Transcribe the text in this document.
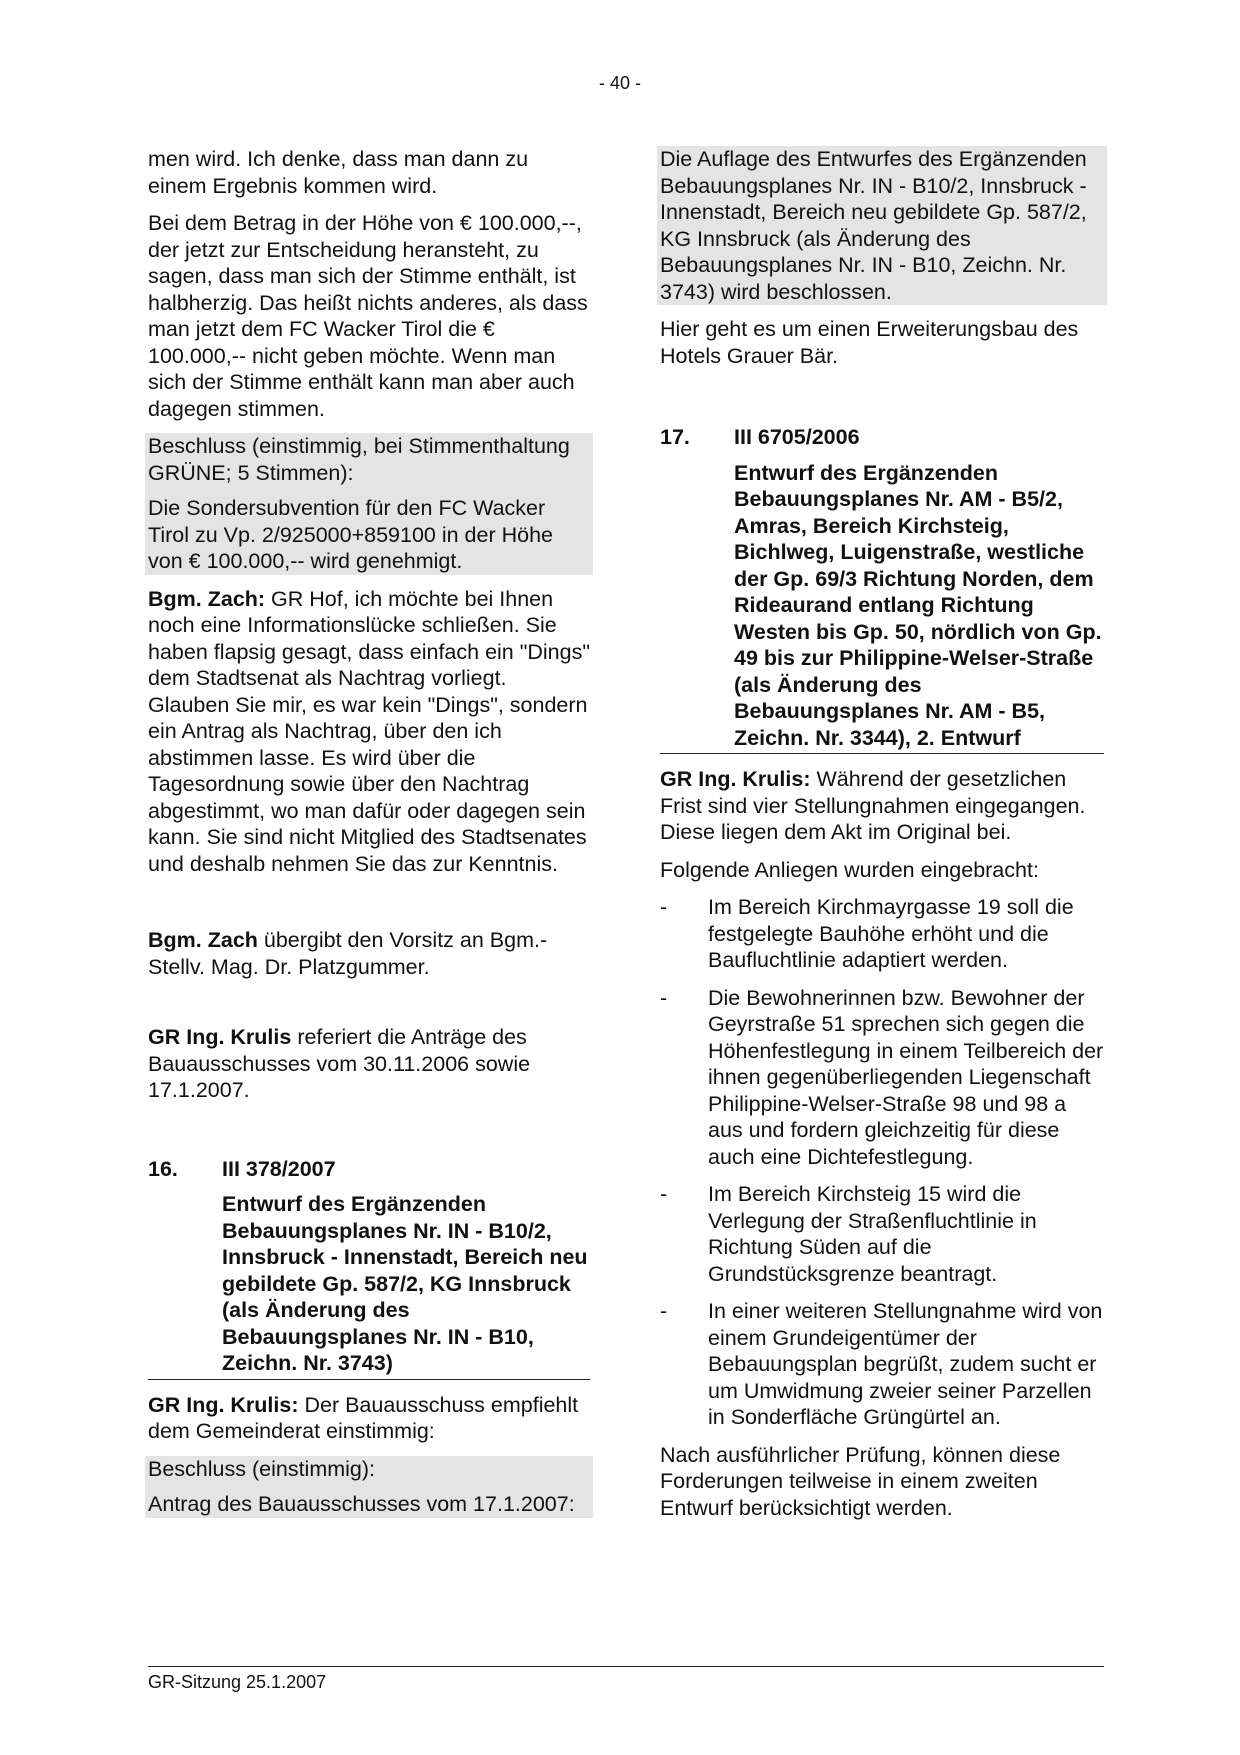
- 40 -

men wird. Ich denke, dass man dann zu einem Ergebnis kommen wird.

Bei dem Betrag in der Höhe von € 100.000,--, der jetzt zur Entscheidung heransteht, zu sagen, dass man sich der Stimme enthält, ist halbherzig. Das heißt nichts anderes, als dass man jetzt dem FC Wacker Tirol die € 100.000,-- nicht geben möchte. Wenn man sich der Stimme enthält kann man aber auch dagegen stimmen.

Beschluss (einstimmig, bei Stimmenthaltung GRÜNE; 5 Stimmen):

Die Sondersubvention für den FC Wacker Tirol zu Vp. 2/925000+859100 in der Höhe von € 100.000,-- wird genehmigt.

Bgm. Zach: GR Hof, ich möchte bei Ihnen noch eine Informationslücke schließen. Sie haben flapsig gesagt, dass einfach ein "Dings" dem Stadtsenat als Nachtrag vorliegt. Glauben Sie mir, es war kein "Dings", sondern ein Antrag als Nachtrag, über den ich abstimmen lasse. Es wird über die Tagesordnung sowie über den Nachtrag abgestimmt, wo man dafür oder dagegen sein kann. Sie sind nicht Mitglied des Stadtsenates und deshalb nehmen Sie das zur Kenntnis.

Bgm. Zach übergibt den Vorsitz an Bgm.-Stellv. Mag. Dr. Platzgummer.

GR Ing. Krulis referiert die Anträge des Bauausschusses vom 30.11.2006 sowie 17.1.2007.

16.	III 378/2007
Entwurf des Ergänzenden Bebauungsplanes Nr. IN - B10/2, Innsbruck - Innenstadt, Bereich neu gebildete Gp. 587/2, KG Innsbruck (als Änderung des Bebauungsplanes Nr. IN - B10, Zeichn. Nr. 3743)

GR Ing. Krulis: Der Bauausschuss empfiehlt dem Gemeinderat einstimmig:

Beschluss (einstimmig):

Antrag des Bauausschusses vom 17.1.2007:

Die Auflage des Entwurfes des Ergänzenden Bebauungsplanes Nr. IN - B10/2, Innsbruck - Innenstadt, Bereich neu gebildete Gp. 587/2, KG Innsbruck (als Änderung des Bebauungsplanes Nr. IN - B10, Zeichn. Nr. 3743) wird beschlossen.

Hier geht es um einen Erweiterungsbau des Hotels Grauer Bär.

17.	III 6705/2006
Entwurf des Ergänzenden Bebauungsplanes Nr. AM - B5/2, Amras, Bereich Kirchsteig, Bichlweg, Luigenstraße, westliche der Gp. 69/3 Richtung Norden, dem Rideaurand entlang Richtung Westen bis Gp. 50, nördlich von Gp. 49 bis zur Philippine-Welser-Straße (als Änderung des Bebauungsplanes Nr. AM - B5, Zeichn. Nr. 3344), 2. Entwurf

GR Ing. Krulis: Während der gesetzlichen Frist sind vier Stellungnahmen eingegangen. Diese liegen dem Akt im Original bei.

Folgende Anliegen wurden eingebracht:

-	Im Bereich Kirchmayrgasse 19 soll die festgelegte Bauhöhe erhöht und die Baufluchtlinie adaptiert werden.
-	Die Bewohnerinnen bzw. Bewohner der Geyrstraße 51 sprechen sich gegen die Höhenfestlegung in einem Teilbereich der ihnen gegenüberliegenden Liegenschaft Philippine-Welser-Straße 98 und 98 a aus und fordern gleichzeitig für diese auch eine Dichtefestlegung.
-	Im Bereich Kirchsteig 15 wird die Verlegung der Straßenfluchtlinie in Richtung Süden auf die Grundstücksgrenze beantragt.
-	In einer weiteren Stellungnahme wird von einem Grundeigentümer der Bebauungsplan begrüßt, zudem sucht er um Umwidmung zweier seiner Parzellen in Sonderfläche Grüngürtel an.

Nach ausführlicher Prüfung, können diese Forderungen teilweise in einem zweiten Entwurf berücksichtigt werden.

GR-Sitzung 25.1.2007
